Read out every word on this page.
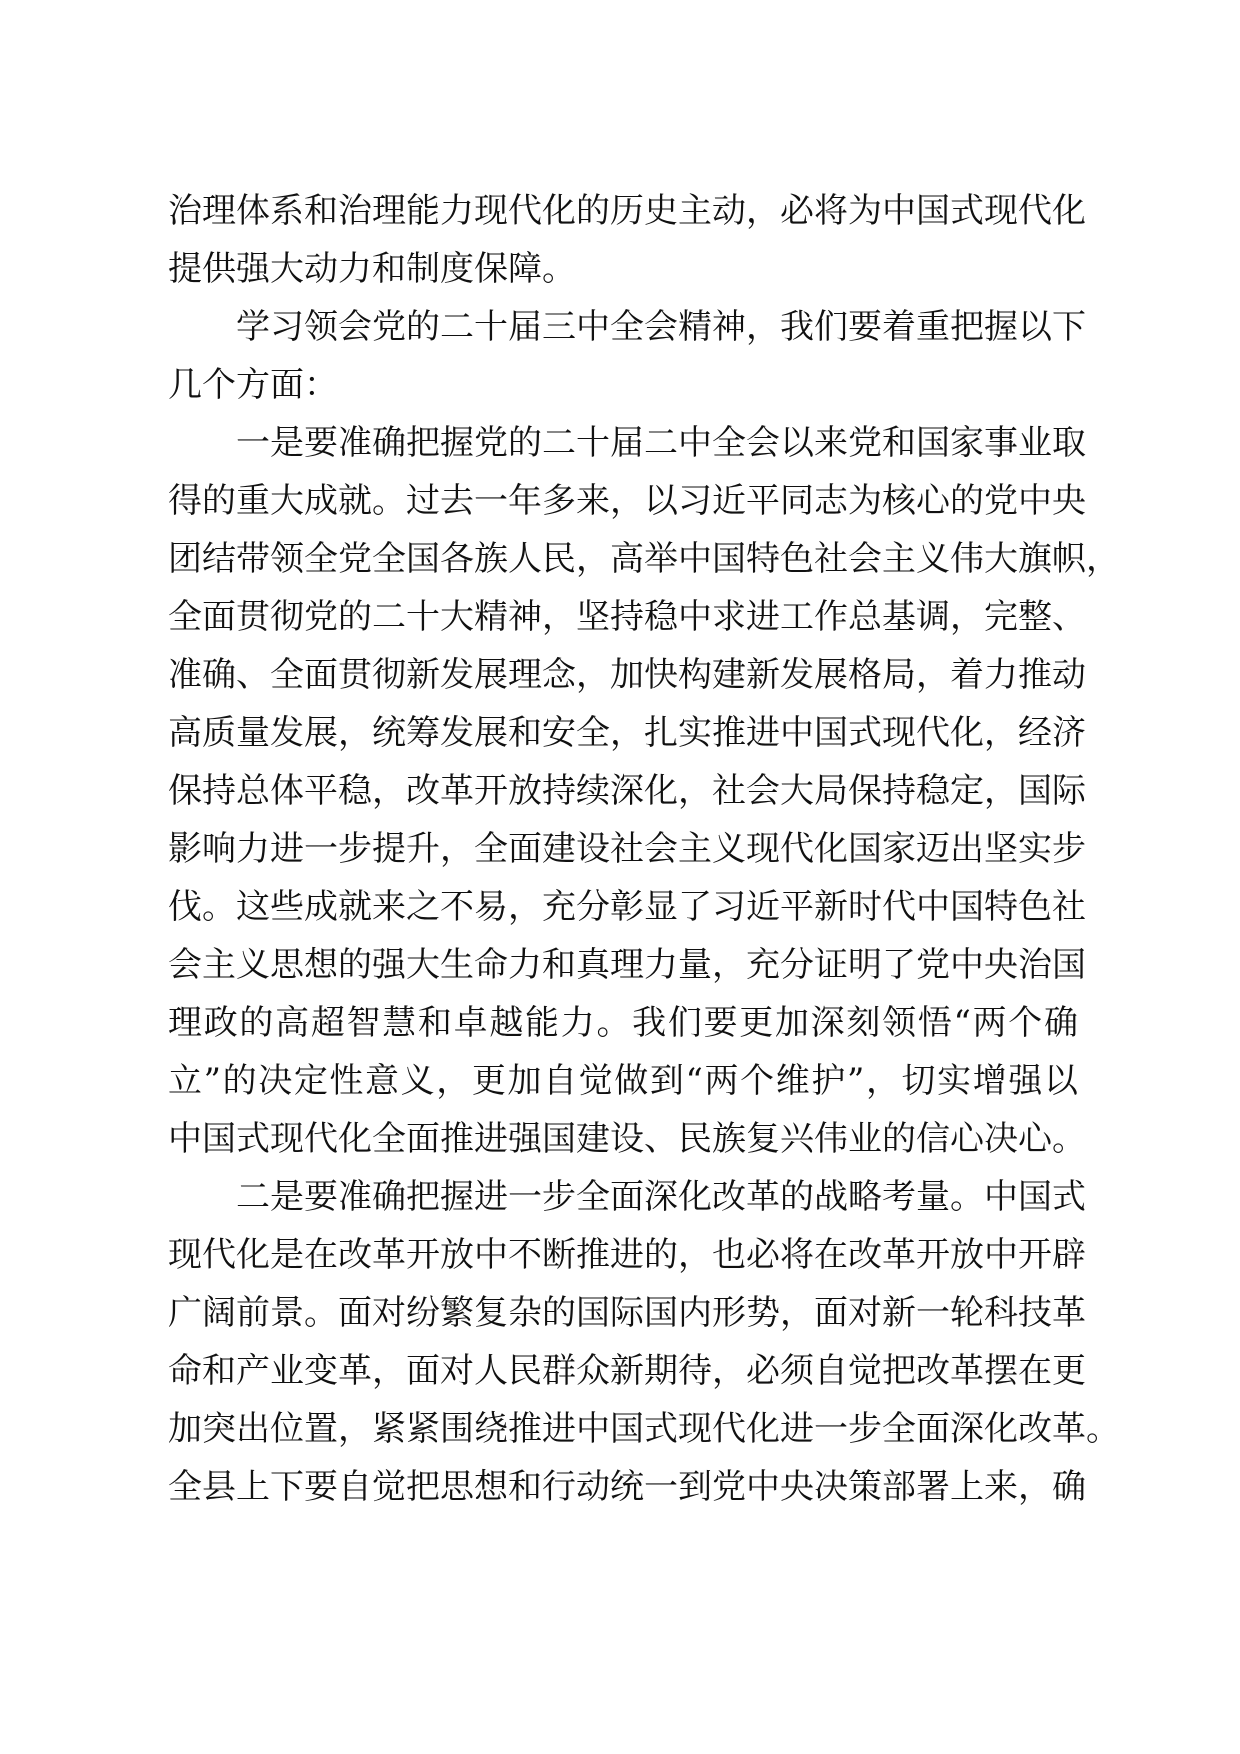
治理体系和治理能力现代化的历史主动，必将为中国式现代化
提供强大动力和制度保障。
学习领会党的二十届三中全会精神，我们要着重把握以下
几个方面：
一是要准确把握党的二十届二中全会以来党和国家事业取
得的重大成就。过去一年多来，以习近平同志为核心的党中央
团结带领全党全国各族人民，高举中国特色社会主义伟大旗帜，
全面贯彻党的二十大精神，坚持稳中求进工作总基调，完整、
准确、全面贯彻新发展理念，加快构建新发展格局，着力推动
高质量发展，统筹发展和安全，扎实推进中国式现代化，经济
保持总体平稳，改革开放持续深化，社会大局保持稳定，国际
影响力进一步提升，全面建设社会主义现代化国家迈出坚实步
伐。这些成就来之不易，充分彰显了习近平新时代中国特色社
会主义思想的强大生命力和真理力量，充分证明了党中央治国
理政的高超智慧和卓越能力。我们要更加深刻领悟“两个确
立”的决定性意义，更加自觉做到“两个维护”，切实增强以
中国式现代化全面推进强国建设、民族复兴伟业的信心决心。
二是要准确把握进一步全面深化改革的战略考量。中国式
现代化是在改革开放中不断推进的，也必将在改革开放中开辟
广阔前景。面对纷繁复杂的国际国内形势，面对新一轮科技革
命和产业变革，面对人民群众新期待，必须自觉把改革摆在更
加突出位置，紧紧围绕推进中国式现代化进一步全面深化改革。
全县上下要自觉把思想和行动统一到党中央决策部署上来，确
